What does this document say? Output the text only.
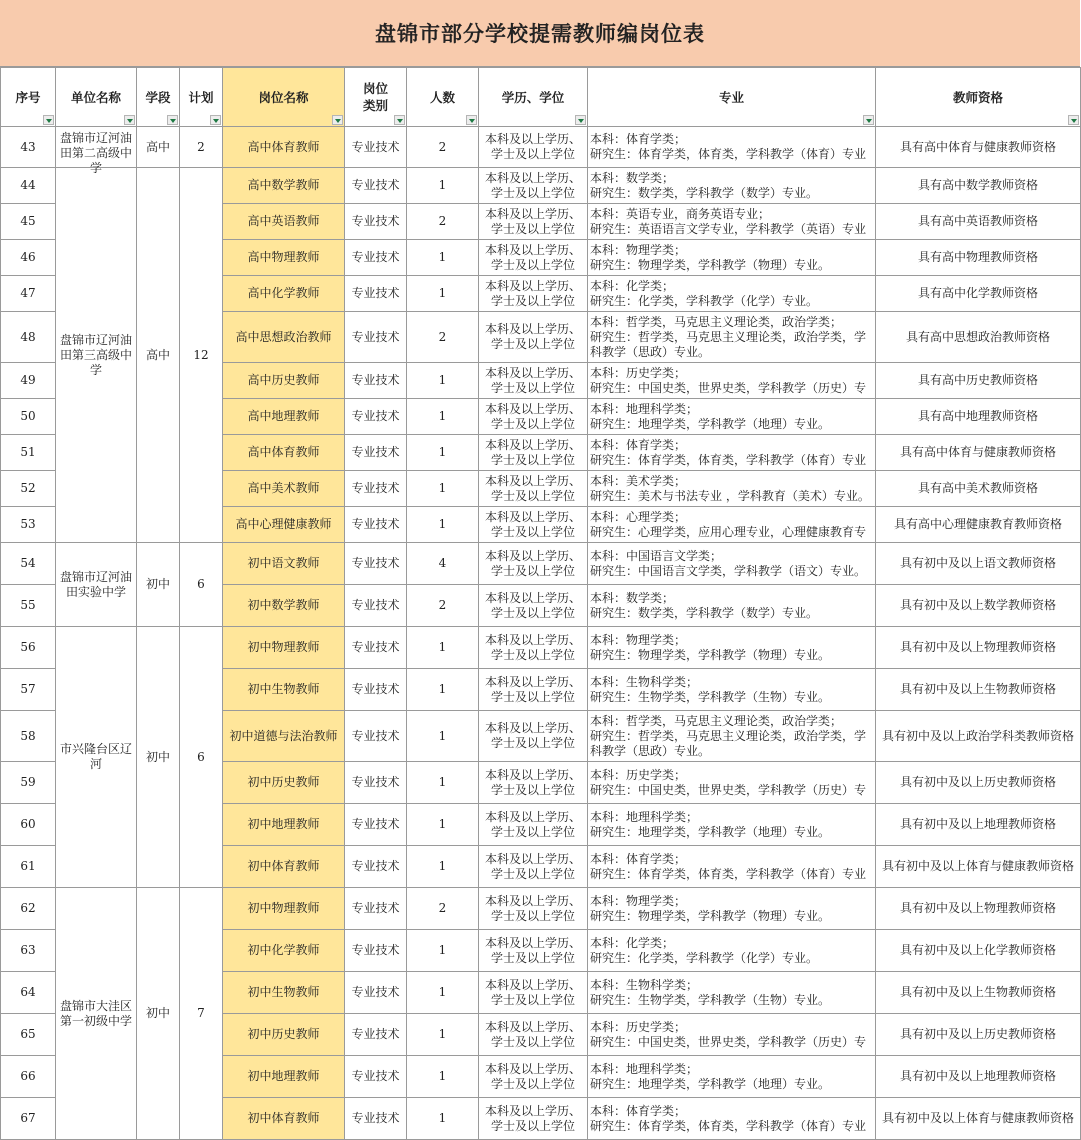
盘锦市部分学校提需教师编岗位表
序号	单位名称	学段	计划	岗位名称	岗位类别	人数	学历、学位	专业	教师资格

43	盘锦市辽河油田第二高级中学	高中	2	高中体育教师	专业技术	2	本科及以上学历、
学士及以上学位	本科：体育学类；
研究生：体育学类，体育类，学科教学（体育）专业	具有高中体育与健康教师资格
44	盘锦市辽河油田第三高级中学	高中	12	高中数学教师	专业技术	1	本科及以上学历、
学士及以上学位	本科：数学类；
研究生：数学类，学科教学（数学）专业。	具有高中数学教师资格
45				高中英语教师	专业技术	2	本科及以上学历、
学士及以上学位	本科：英语专业，商务英语专业；
研究生：英语语言文学专业，学科教学（英语）专业	具有高中英语教师资格
46				高中物理教师	专业技术	1	本科及以上学历、
学士及以上学位	本科：物理学类；
研究生：物理学类，学科教学（物理）专业。	具有高中物理教师资格
47				高中化学教师	专业技术	1	本科及以上学历、
学士及以上学位	本科：化学类；
研究生：化学类，学科教学（化学）专业。	具有高中化学教师资格
48				高中思想政治教师	专业技术	2	本科及以上学历、
学士及以上学位	本科：哲学类，马克思主义理论类，政治学类；
研究生：哲学类，马克思主义理论类，政治学类，学
科教学（思政）专业。	具有高中思想政治教师资格
49				高中历史教师	专业技术	1	本科及以上学历、
学士及以上学位	本科：历史学类；
研究生：中国史类，世界史类，学科教学（历史）专	具有高中历史教师资格
50				高中地理教师	专业技术	1	本科及以上学历、
学士及以上学位	本科：地理科学类；
研究生：地理学类，学科教学（地理）专业。	具有高中地理教师资格
51				高中体育教师	专业技术	1	本科及以上学历、
学士及以上学位	本科：体育学类；
研究生：体育学类，体育类，学科教学（体育）专业	具有高中体育与健康教师资格
52				高中美术教师	专业技术	1	本科及以上学历、
学士及以上学位	本科：美术学类；
研究生：美术与书法专业 ，学科教育（美术）专业。	具有高中美术教师资格
53				高中心理健康教师	专业技术	1	本科及以上学历、
学士及以上学位	本科：心理学类；
研究生：心理学类，应用心理专业，心理健康教育专	具有高中心理健康教育教师资格
54	盘锦市辽河油田实验中学	初中	6	初中语文教师	专业技术	4	本科及以上学历、
学士及以上学位	本科：中国语言文学类；
研究生：中国语言文学类，学科教学（语文）专业。	具有初中及以上语文教师资格
55				初中数学教师	专业技术	2	本科及以上学历、
学士及以上学位	本科：数学类；
研究生：数学类，学科教学（数学）专业。	具有初中及以上数学教师资格
56	市兴隆台区辽河	初中	6	初中物理教师	专业技术	1	本科及以上学历、
学士及以上学位	本科：物理学类；
研究生：物理学类，学科教学（物理）专业。	具有初中及以上物理教师资格
57				初中生物教师	专业技术	1	本科及以上学历、
学士及以上学位	本科：生物科学类；
研究生：生物学类，学科教学（生物）专业。	具有初中及以上生物教师资格
58				初中道德与法治教师	专业技术	1	本科及以上学历、
学士及以上学位	本科：哲学类，马克思主义理论类，政治学类；
研究生：哲学类，马克思主义理论类，政治学类，学
科教学（思政）专业。	具有初中及以上政治学科类教师资格
59				初中历史教师	专业技术	1	本科及以上学历、
学士及以上学位	本科：历史学类；
研究生：中国史类，世界史类，学科教学（历史）专	具有初中及以上历史教师资格
60				初中地理教师	专业技术	1	本科及以上学历、
学士及以上学位	本科：地理科学类；
研究生：地理学类，学科教学（地理）专业。	具有初中及以上地理教师资格
61				初中体育教师	专业技术	1	本科及以上学历、
学士及以上学位	本科：体育学类；
研究生：体育学类，体育类，学科教学（体育）专业	具有初中及以上体育与健康教师资格
62	盘锦市大洼区第一初级中学	初中	7	初中物理教师	专业技术	2	本科及以上学历、
学士及以上学位	本科：物理学类；
研究生：物理学类，学科教学（物理）专业。	具有初中及以上物理教师资格
63				初中化学教师	专业技术	1	本科及以上学历、
学士及以上学位	本科：化学类；
研究生：化学类，学科教学（化学）专业。	具有初中及以上化学教师资格
64				初中生物教师	专业技术	1	本科及以上学历、
学士及以上学位	本科：生物科学类；
研究生：生物学类，学科教学（生物）专业。	具有初中及以上生物教师资格
65				初中历史教师	专业技术	1	本科及以上学历、
学士及以上学位	本科：历史学类；
研究生：中国史类，世界史类，学科教学（历史）专	具有初中及以上历史教师资格
66				初中地理教师	专业技术	1	本科及以上学历、
学士及以上学位	本科：地理科学类；
研究生：地理学类，学科教学（地理）专业。	具有初中及以上地理教师资格
67				初中体育教师	专业技术	1	本科及以上学历、
学士及以上学位	本科：体育学类；
研究生：体育学类，体育类，学科教学（体育）专业	具有初中及以上体育与健康教师资格
